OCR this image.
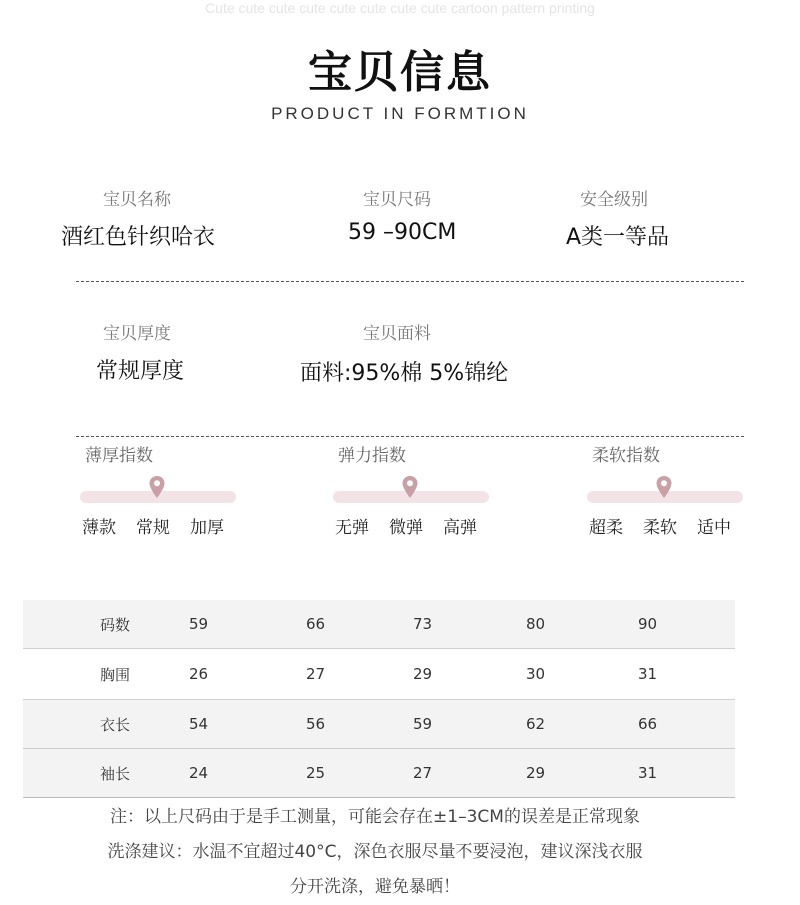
Cute cute cute cute cute cute cute cute cartoon pattern printing
宝贝信息
PRODUCT IN FORMTION
宝贝名称
酒红色针织哈衣
宝贝尺码
59 –90CM
安全级别
A类一等品
宝贝厚度
常规厚度
宝贝面料
面料:95%棉 5%锦纶
薄厚指数
薄款 常规 加厚
弹力指数
无弹 微弹 高弹
柔软指数
超柔 柔软 适中
码数	59	66	73	80	90
胸围	26	27	29	30	31
衣长	54	56	59	62	66
袖长	24	25	27	29	31
注：以上尺码由于是手工测量，可能会存在±1–3CM的误差是正常现象
洗涤建议：水温不宜超过40°C，深色衣服尽量不要浸泡，建议深浅衣服
分开洗涤，避免暴晒！
